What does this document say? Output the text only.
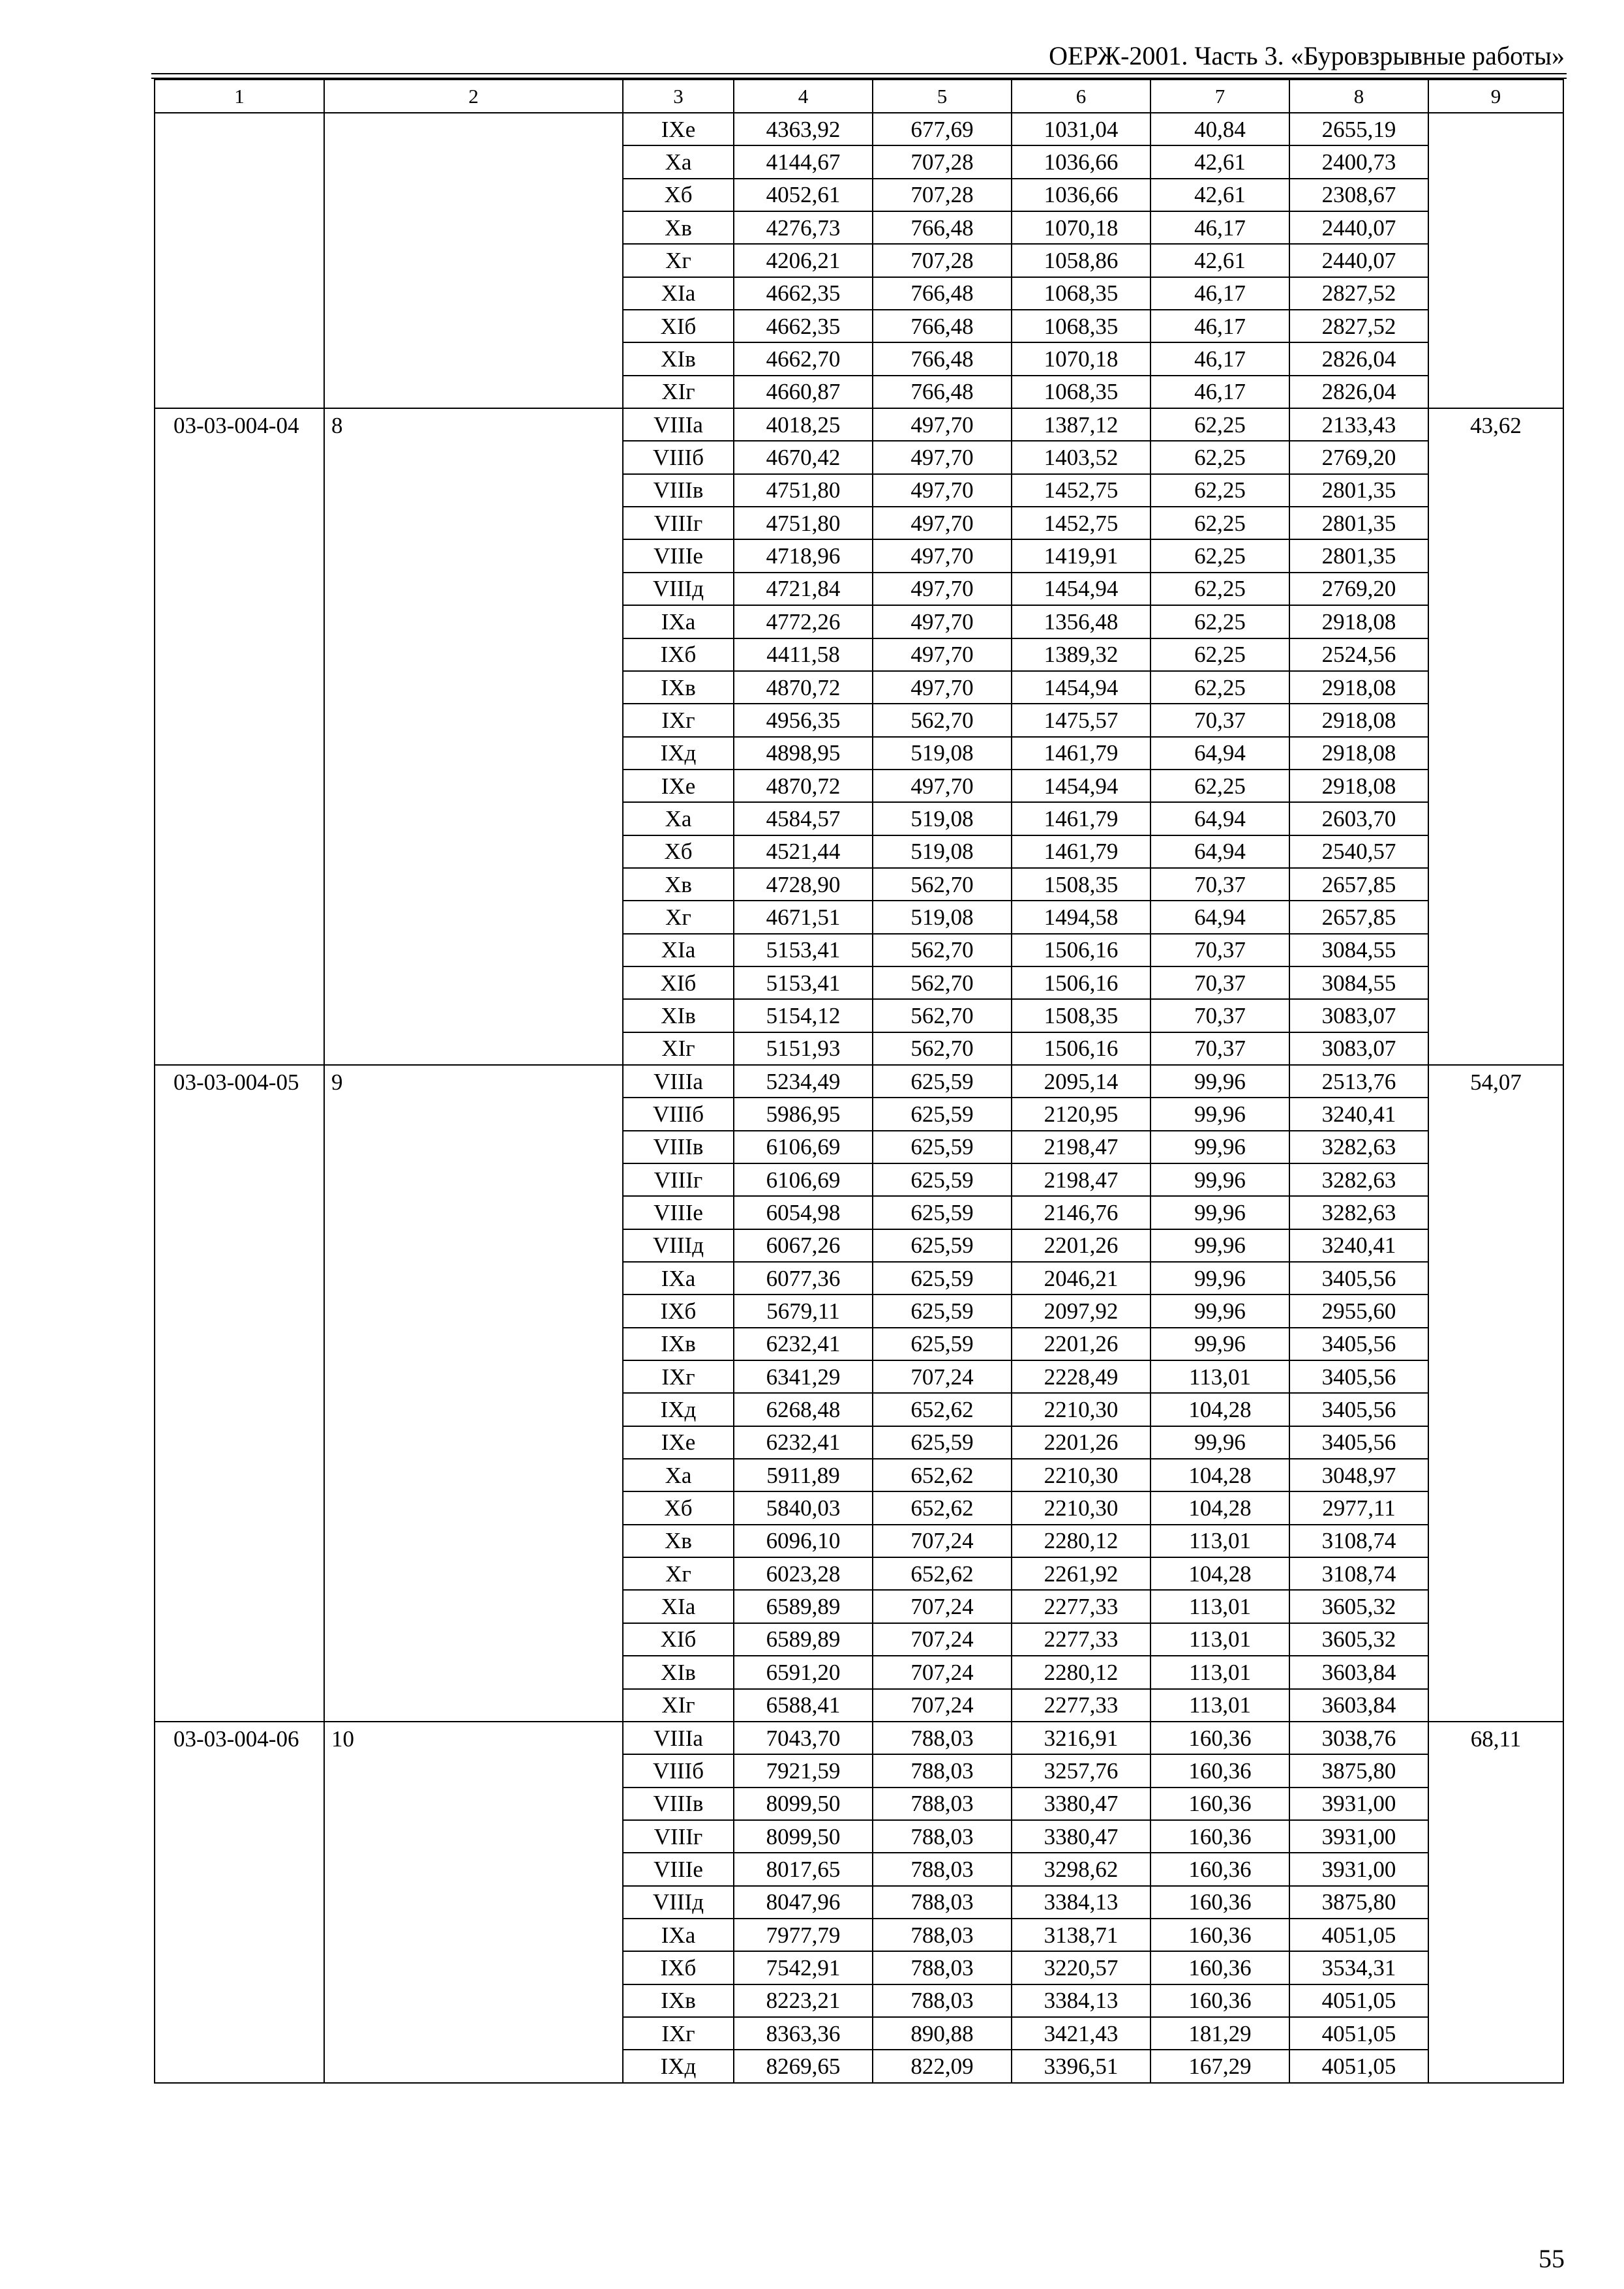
ОЕРЖ-2001. Часть 3. «Буровзрывные работы»
1	2	3	4	5	6	7	8	9
		IXе	4363,92	677,69	1031,04	40,84	2655,19	
		Xа	4144,67	707,28	1036,66	42,61	2400,73	
		Xб	4052,61	707,28	1036,66	42,61	2308,67	
		Xв	4276,73	766,48	1070,18	46,17	2440,07	
		Xг	4206,21	707,28	1058,86	42,61	2440,07	
		XIа	4662,35	766,48	1068,35	46,17	2827,52	
		XIб	4662,35	766,48	1068,35	46,17	2827,52	
		XIв	4662,70	766,48	1070,18	46,17	2826,04	
		XIг	4660,87	766,48	1068,35	46,17	2826,04	
03-03-004-04	8	VIIIа	4018,25	497,70	1387,12	62,25	2133,43	43,62
		VIIIб	4670,42	497,70	1403,52	62,25	2769,20	
		VIIIв	4751,80	497,70	1452,75	62,25	2801,35	
		VIIIг	4751,80	497,70	1452,75	62,25	2801,35	
		VIIIе	4718,96	497,70	1419,91	62,25	2801,35	
		VIIIд	4721,84	497,70	1454,94	62,25	2769,20	
		IXа	4772,26	497,70	1356,48	62,25	2918,08	
		IXб	4411,58	497,70	1389,32	62,25	2524,56	
		IXв	4870,72	497,70	1454,94	62,25	2918,08	
		IXг	4956,35	562,70	1475,57	70,37	2918,08	
		IXд	4898,95	519,08	1461,79	64,94	2918,08	
		IXе	4870,72	497,70	1454,94	62,25	2918,08	
		Xа	4584,57	519,08	1461,79	64,94	2603,70	
		Xб	4521,44	519,08	1461,79	64,94	2540,57	
		Xв	4728,90	562,70	1508,35	70,37	2657,85	
		Xг	4671,51	519,08	1494,58	64,94	2657,85	
		XIа	5153,41	562,70	1506,16	70,37	3084,55	
		XIб	5153,41	562,70	1506,16	70,37	3084,55	
		XIв	5154,12	562,70	1508,35	70,37	3083,07	
		XIг	5151,93	562,70	1506,16	70,37	3083,07	
03-03-004-05	9	VIIIа	5234,49	625,59	2095,14	99,96	2513,76	54,07
		VIIIб	5986,95	625,59	2120,95	99,96	3240,41	
		VIIIв	6106,69	625,59	2198,47	99,96	3282,63	
		VIIIг	6106,69	625,59	2198,47	99,96	3282,63	
		VIIIе	6054,98	625,59	2146,76	99,96	3282,63	
		VIIIд	6067,26	625,59	2201,26	99,96	3240,41	
		IXа	6077,36	625,59	2046,21	99,96	3405,56	
		IXб	5679,11	625,59	2097,92	99,96	2955,60	
		IXв	6232,41	625,59	2201,26	99,96	3405,56	
		IXг	6341,29	707,24	2228,49	113,01	3405,56	
		IXд	6268,48	652,62	2210,30	104,28	3405,56	
		IXе	6232,41	625,59	2201,26	99,96	3405,56	
		Xа	5911,89	652,62	2210,30	104,28	3048,97	
		Xб	5840,03	652,62	2210,30	104,28	2977,11	
		Xв	6096,10	707,24	2280,12	113,01	3108,74	
		Xг	6023,28	652,62	2261,92	104,28	3108,74	
		XIа	6589,89	707,24	2277,33	113,01	3605,32	
		XIб	6589,89	707,24	2277,33	113,01	3605,32	
		XIв	6591,20	707,24	2280,12	113,01	3603,84	
		XIг	6588,41	707,24	2277,33	113,01	3603,84	
03-03-004-06	10	VIIIа	7043,70	788,03	3216,91	160,36	3038,76	68,11
		VIIIб	7921,59	788,03	3257,76	160,36	3875,80	
		VIIIв	8099,50	788,03	3380,47	160,36	3931,00	
		VIIIг	8099,50	788,03	3380,47	160,36	3931,00	
		VIIIе	8017,65	788,03	3298,62	160,36	3931,00	
		VIIIд	8047,96	788,03	3384,13	160,36	3875,80	
		IXа	7977,79	788,03	3138,71	160,36	4051,05	
		IXб	7542,91	788,03	3220,57	160,36	3534,31	
		IXв	8223,21	788,03	3384,13	160,36	4051,05	
		IXг	8363,36	890,88	3421,43	181,29	4051,05	
		IXд	8269,65	822,09	3396,51	167,29	4051,05	
55
